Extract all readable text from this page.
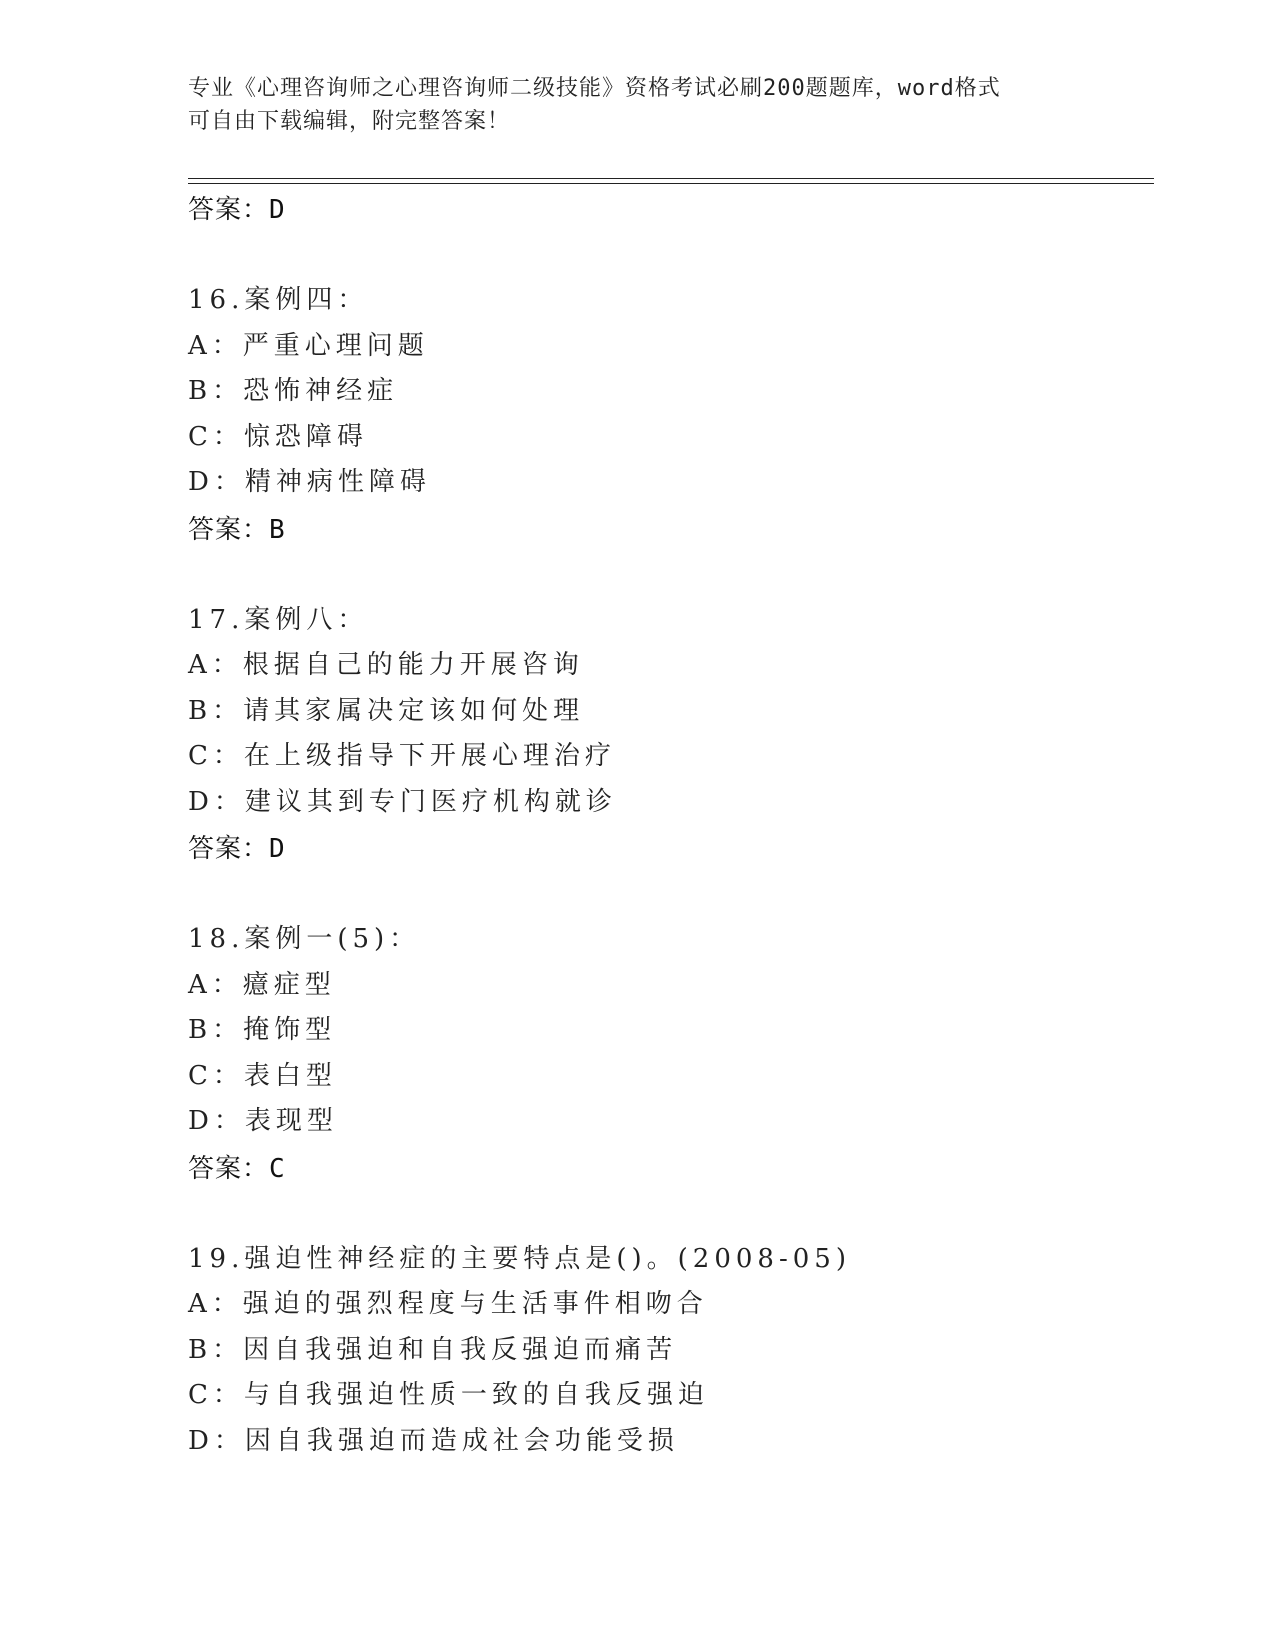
专业《心理咨询师之心理咨询师二级技能》资格考试必刷200题题库，word格式
可自由下载编辑，附完整答案！
答案：D
16.案例四：
A：严重心理问题
B：恐怖神经症
C：惊恐障碍
D：精神病性障碍
答案：B
17.案例八：
A：根据自己的能力开展咨询
B：请其家属决定该如何处理
C：在上级指导下开展心理治疗
D：建议其到专门医疗机构就诊
答案：D
18.案例一(5)：
A：癔症型
B：掩饰型
C：表白型
D：表现型
答案：C
19.强迫性神经症的主要特点是()。(2008-05)
A：强迫的强烈程度与生活事件相吻合
B：因自我强迫和自我反强迫而痛苦
C：与自我强迫性质一致的自我反强迫
D：因自我强迫而造成社会功能受损
